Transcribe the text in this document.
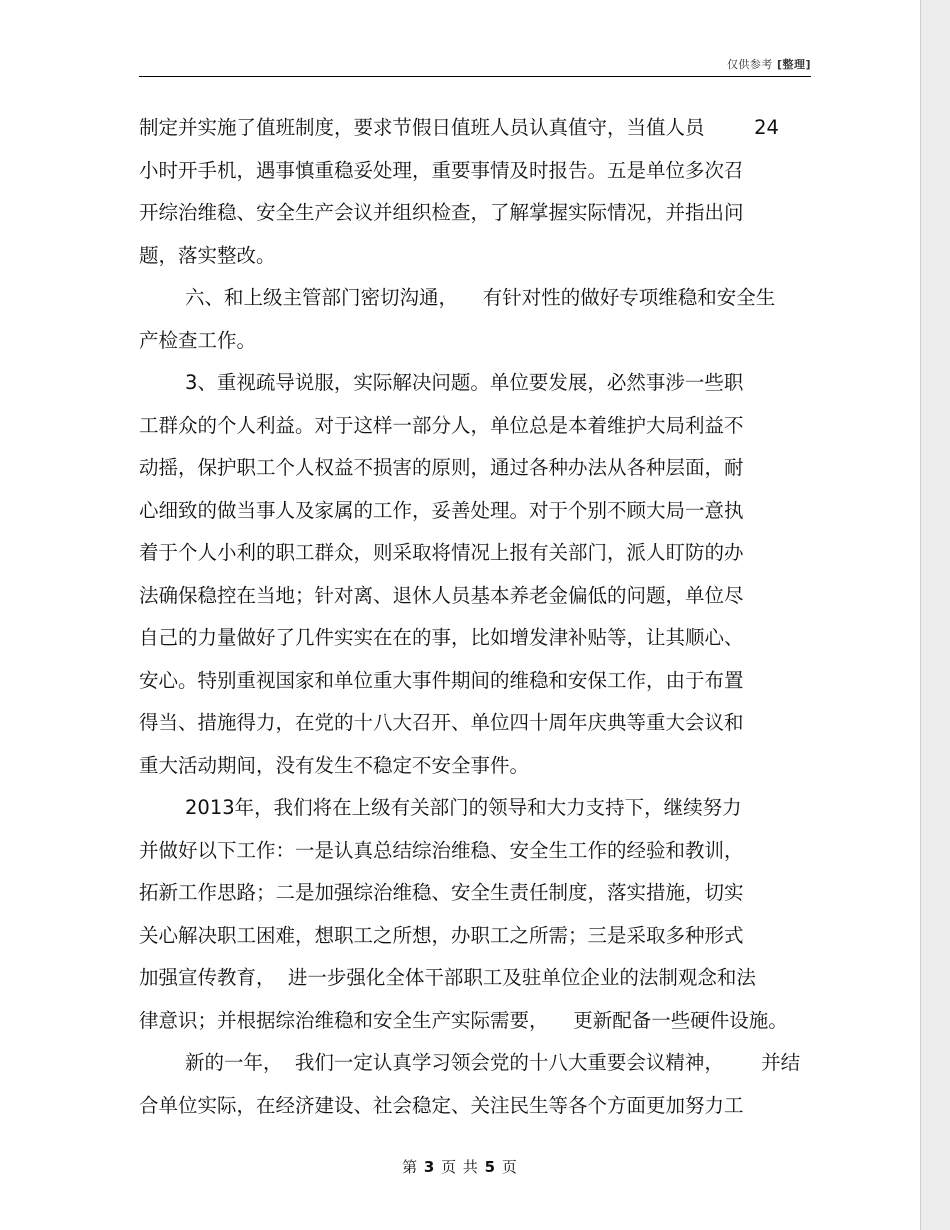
仅供参考 [整理]
制定并实施了值班制度，要求节假日值班人员认真值守，当值人员        24
小时开手机，遇事慎重稳妥处理，重要事情及时报告。五是单位多次召
开综治维稳、安全生产会议并组织检查，了解掌握实际情况，并指出问
题，落实整改。
六、和上级主管部门密切沟通，    有针对性的做好专项维稳和安全生
产检查工作。
3、重视疏导说服，实际解决问题。单位要发展，必然事涉一些职
工群众的个人利益。对于这样一部分人，单位总是本着维护大局利益不
动摇，保护职工个人权益不损害的原则，通过各种办法从各种层面，耐
心细致的做当事人及家属的工作，妥善处理。对于个别不顾大局一意执
着于个人小利的职工群众，则采取将情况上报有关部门，派人盯防的办
法确保稳控在当地；针对离、退休人员基本养老金偏低的问题，单位尽
自己的力量做好了几件实实在在的事，比如增发津补贴等，让其顺心、
安心。特别重视国家和单位重大事件期间的维稳和安保工作，由于布置
得当、措施得力，在党的十八大召开、单位四十周年庆典等重大会议和
重大活动期间，没有发生不稳定不安全事件。
2013年，我们将在上级有关部门的领导和大力支持下，继续努力
并做好以下工作：一是认真总结综治维稳、安全生工作的经验和教训，
拓新工作思路；二是加强综治维稳、安全生责任制度，落实措施，切实
关心解决职工困难，想职工之所想，办职工之所需；三是采取多种形式
加强宣传教育，  进一步强化全体干部职工及驻单位企业的法制观念和法
律意识；并根据综治维稳和安全生产实际需要，    更新配备一些硬件设施。
新的一年，  我们一定认真学习领会党的十八大重要会议精神，      并结
合单位实际，在经济建设、社会稳定、关注民生等各个方面更加努力工
第 3 页 共 5 页
